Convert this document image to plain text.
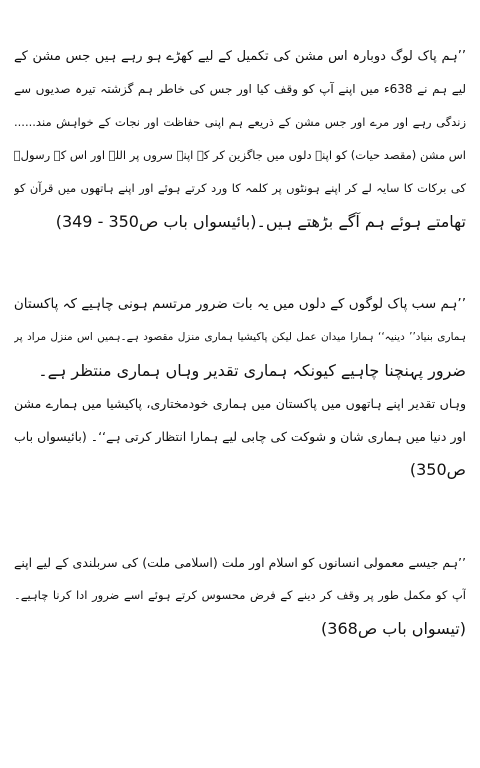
’’ہم پاک لوگ دوبارہ اس مشن کی تکمیل کے لیے کھڑے ہو رہے ہیں جس مشن کے
لیے ہم نے 638ء میں اپنے آپ کو وقف کیا اور جس کی خاطر ہم گزشتہ تیرہ صدیوں سے
زندگی رہے اور مرے اور جس مشن کے ذریعے ہم اپنی حفاظت اور نجات کے خواہش مند......
اس مشن (مقصد حیات) کو اپنے دلوں میں جاگزین کر کے اپنے سروں پر اللہ اور اس کے رسولؐ
کی برکات کا سایہ لے کر اپنے ہونٹوں پر کلمہ کا ورد کرتے ہوئے اور اپنے ہاتھوں میں قرآن کو
تھامتے ہوئے ہم آگے بڑھتے ہیں۔(بائیسواں باب ص350 - 349)
’’ہم سب پاک لوگوں کے دلوں میں یہ بات ضرور مرتسم ہونی چاہیے کہ پاکستان
ہماری بنیاد’’ دینیہ‘‘ ہمارا میدان عمل لیکن پاکیشیا ہماری منزل مقصود ہے۔ہمیں اس منزل مراد پر
ضرور پہنچنا چاہیے کیونکہ ہماری تقدیر وہاں ہماری منتظر ہے۔
وہاں تقدیر اپنے ہاتھوں میں پاکستان میں ہماری خودمختاری، پاکیشیا میں ہمارے مشن
اور دنیا میں ہماری شان و شوکت کی چابی لیے ہمارا انتظار کرتی ہے‘‘۔ (بائیسواں باب
ص350)
’’ہم جیسے معمولی انسانوں کو اسلام اور ملت (اسلامی ملت) کی سربلندی کے لیے اپنے
آپ کو مکمل طور پر وقف کر دینے کے فرض محسوس کرتے ہوئے اسے ضرور ادا کرنا چاہیے۔
(تیسواں باب ص368)
